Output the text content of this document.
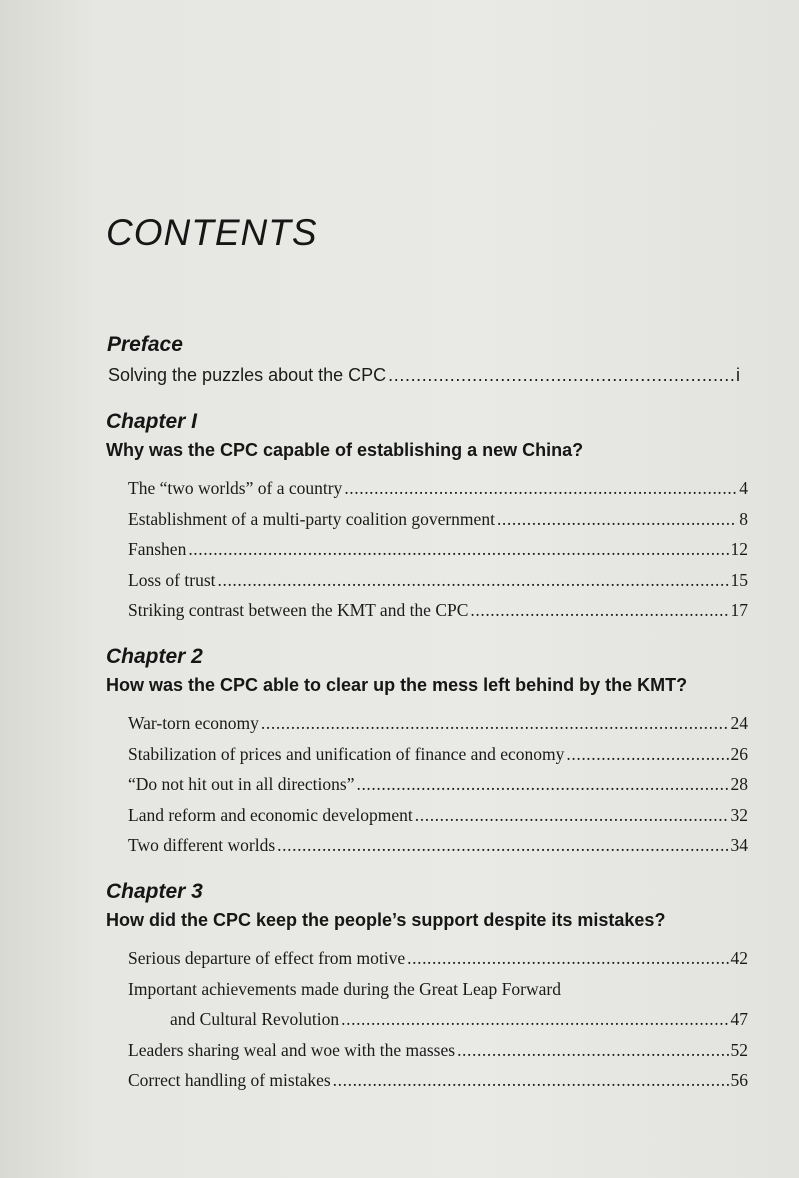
CONTENTS
Preface
Solving the puzzles about the CPC .....	i
Chapter I
Why was the CPC capable of establishing a new China?
The “two worlds” of a country .....	4
Establishment of a multi-party coalition government .....	8
Fanshen .....	12
Loss of trust .....	15
Striking contrast between the KMT and the CPC .....	17
Chapter 2
How was the CPC able to clear up the mess left behind by the KMT?
War-torn economy .....	24
Stabilization of prices and unification of finance and economy .....	26
“Do not hit out in all directions” .....	28
Land reform and economic development .....	32
Two different worlds .....	34
Chapter 3
How did the CPC keep the people’s support despite its mistakes?
Serious departure of effect from motive .....	42
Important achievements made during the Great Leap Forward
and Cultural Revolution .....	47
Leaders sharing weal and woe with the masses .....	52
Correct handling of mistakes .....	56
